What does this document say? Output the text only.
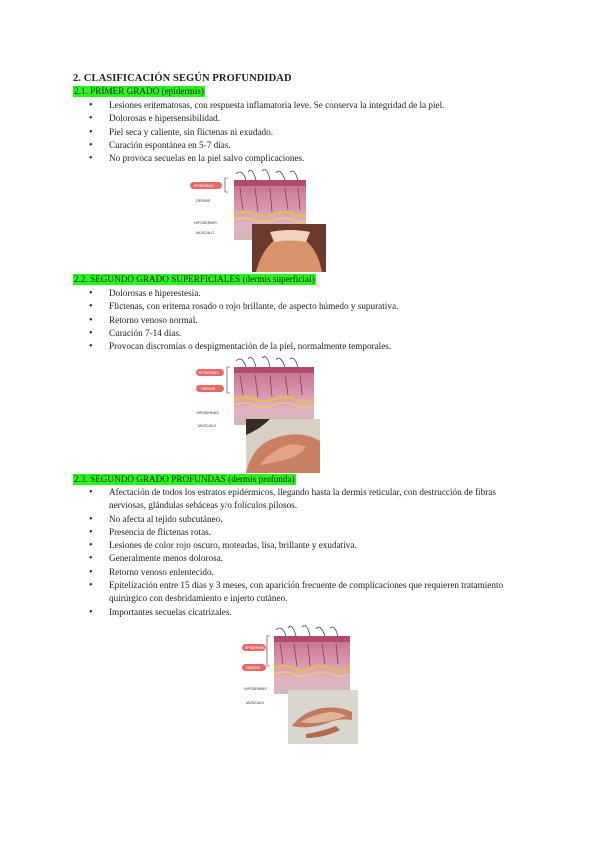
2. CLASIFICACIÓN SEGÚN PROFUNDIDAD
2.1. PRIMER GRADO (epidermis)
• Lesiones eritematosas, con respuesta inflamatoria leve. Se conserva la integridad de la piel.
• Dolorosas e hipersensibilidad.
• Piel seca y caliente, sin flictenas ni exudado.
• Curación espontánea en 5-7 días.
• No provoca secuelas en la piel salvo complicaciones.
EPIDERMIS
DERMIS
HIPODERMIS
MÚSCULO
2.2. SEGUNDO GRADO SUPERFICIALES (dermis superficial)
• Dolorosas e hiperestesia.
• Flictenas, con eritema rosado o rojo brillante, de aspecto húmedo y supurativa.
• Retorno venoso normal.
• Curación 7-14 días.
• Provocan discromías o despigmentación de la piel, normalmente temporales.
EPIDERMIS
DERMIS
HIPODERMIS
MÚSCULO
2.3. SEGUNDO GRADO PROFUNDAS (dermis profunda)
• Afectación de todos los estratos epidérmicos, llegando hasta la dermis reticular, con destrucción de fibras nerviosas, glándulas sebáceas y/o folículos pilosos.
• No afecta al tejido subcutáneo.
• Presencia de flictenas rotas.
• Lesiones de color rojo oscuro, moteadas, lisa, brillante y exudativa.
• Generalmente menos dolorosa.
• Retorno venoso enlentecido.
• Epitelización entre 15 días y 3 meses, con aparición frecuente de complicaciones que requieren tratamiento quirúrgico con desbridamiento e injerto cutáneo.
• Importantes secuelas cicatrizales.
EPIDERMIS
DERMIS
HIPODERMIS
MÚSCULO
